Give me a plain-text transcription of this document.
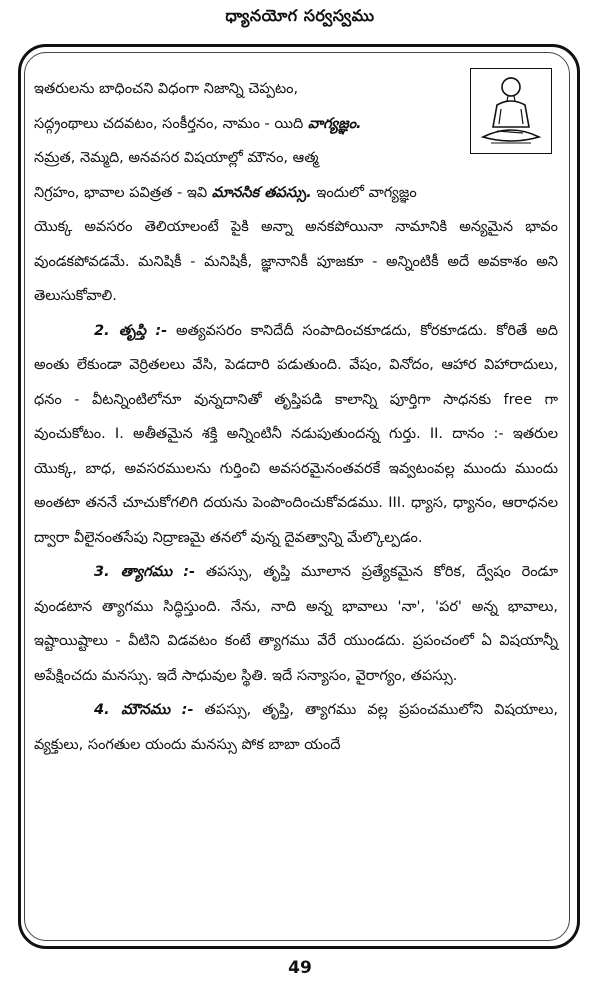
ధ్యానయోగ సర్వస్వము

ఇతరులను బాధించని విధంగా నిజాన్ని చెప్పటం,

సద్గ్రంథాలు చదవటం, సంకీర్తనం, నామం - యిది వాగ్యజ్ఞం.

నమ్రత, నెమ్మది, అనవసర విషయాల్లో మౌనం, ఆత్మ

నిగ్రహం, భావాల పవిత్రత - ఇవి మానసిక తపస్సు. ఇందులో వాగ్యజ్ఞం

యొక్క అవసరం తెలియాలంటే పైకి అన్నా అనకపోయినా నామానికి అన్యమైన భావం వుండకపోవడమే. మనిషికీ - మనిషికీ, జ్ఞానానికీ పూజకూ - అన్నింటికీ అదే అవకాశం అని తెలుసుకోవాలి.

2. తృప్తి :- అత్యవసరం కానిదేదీ సంపాదించకూడదు, కోరకూడదు. కోరితే అది అంతు లేకుండా వెర్రితలలు వేసి, పెడదారి పడుతుంది. వేషం, వినోదం, ఆహార విహారాదులు, ధనం - వీటన్నింటిలోనూ వున్నదానితో తృప్తిపడి కాలాన్ని పూర్తిగా సాధనకు free గా వుంచుకోటం. I. అతీతమైన శక్తి అన్నింటినీ నడుపుతుందన్న గుర్తు. II. దానం :- ఇతరుల యొక్క, బాధ, అవసరములను గుర్తించి అవసరమైనంతవరకే ఇవ్వటంవల్ల ముందు ముందు అంతటా తననే చూచుకోగలిగి దయను పెంపొందించుకోవడము. III. ధ్యాస, ధ్యానం, ఆరాధనల ద్వారా వీలైనంతసేపు నిద్రాణమై తనలో వున్న దైవత్వాన్ని మేల్కొల్పడం.

3. త్యాగము :- తపస్సు, తృప్తి మూలాన ప్రత్యేకమైన కోరిక, ద్వేషం రెండూ వుండటాన త్యాగము సిద్ధిస్తుంది. నేను, నాది అన్న భావాలు 'నా', 'పర' అన్న భావాలు, ఇష్టాయిష్టాలు - వీటిని విడవటం కంటే త్యాగము వేరే యుండదు. ప్రపంచంలో ఏ విషయాన్నీ అపేక్షించదు మనస్సు. ఇదే సాధువుల స్థితి. ఇదే సన్యాసం, వైరాగ్యం, తపస్సు.

4. మౌనము :- తపస్సు, తృప్తి, త్యాగము వల్ల ప్రపంచములోని విషయాలు, వ్యక్తులు, సంగతుల యందు మనస్సు పోక బాబా యందే

49
